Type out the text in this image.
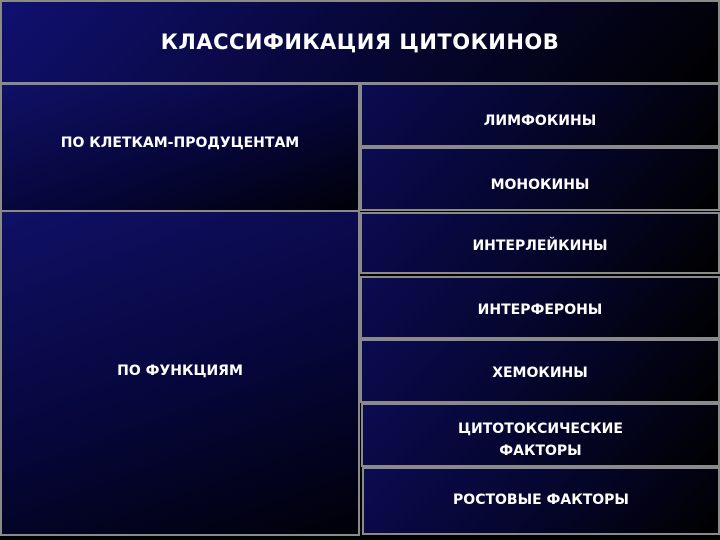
КЛАССИФИКАЦИЯ ЦИТОКИНОВ
ПО КЛЕТКАМ-ПРОДУЦЕНТАМ
ПО ФУНКЦИЯМ
ЛИМФОКИНЫ
МОНОКИНЫ
ИНТЕРЛЕЙКИНЫ
ИНТЕРФЕРОНЫ
ХЕМОКИНЫ
ЦИТОТОКСИЧЕСКИЕ ФАКТОРЫ
РОСТОВЫЕ ФАКТОРЫ
